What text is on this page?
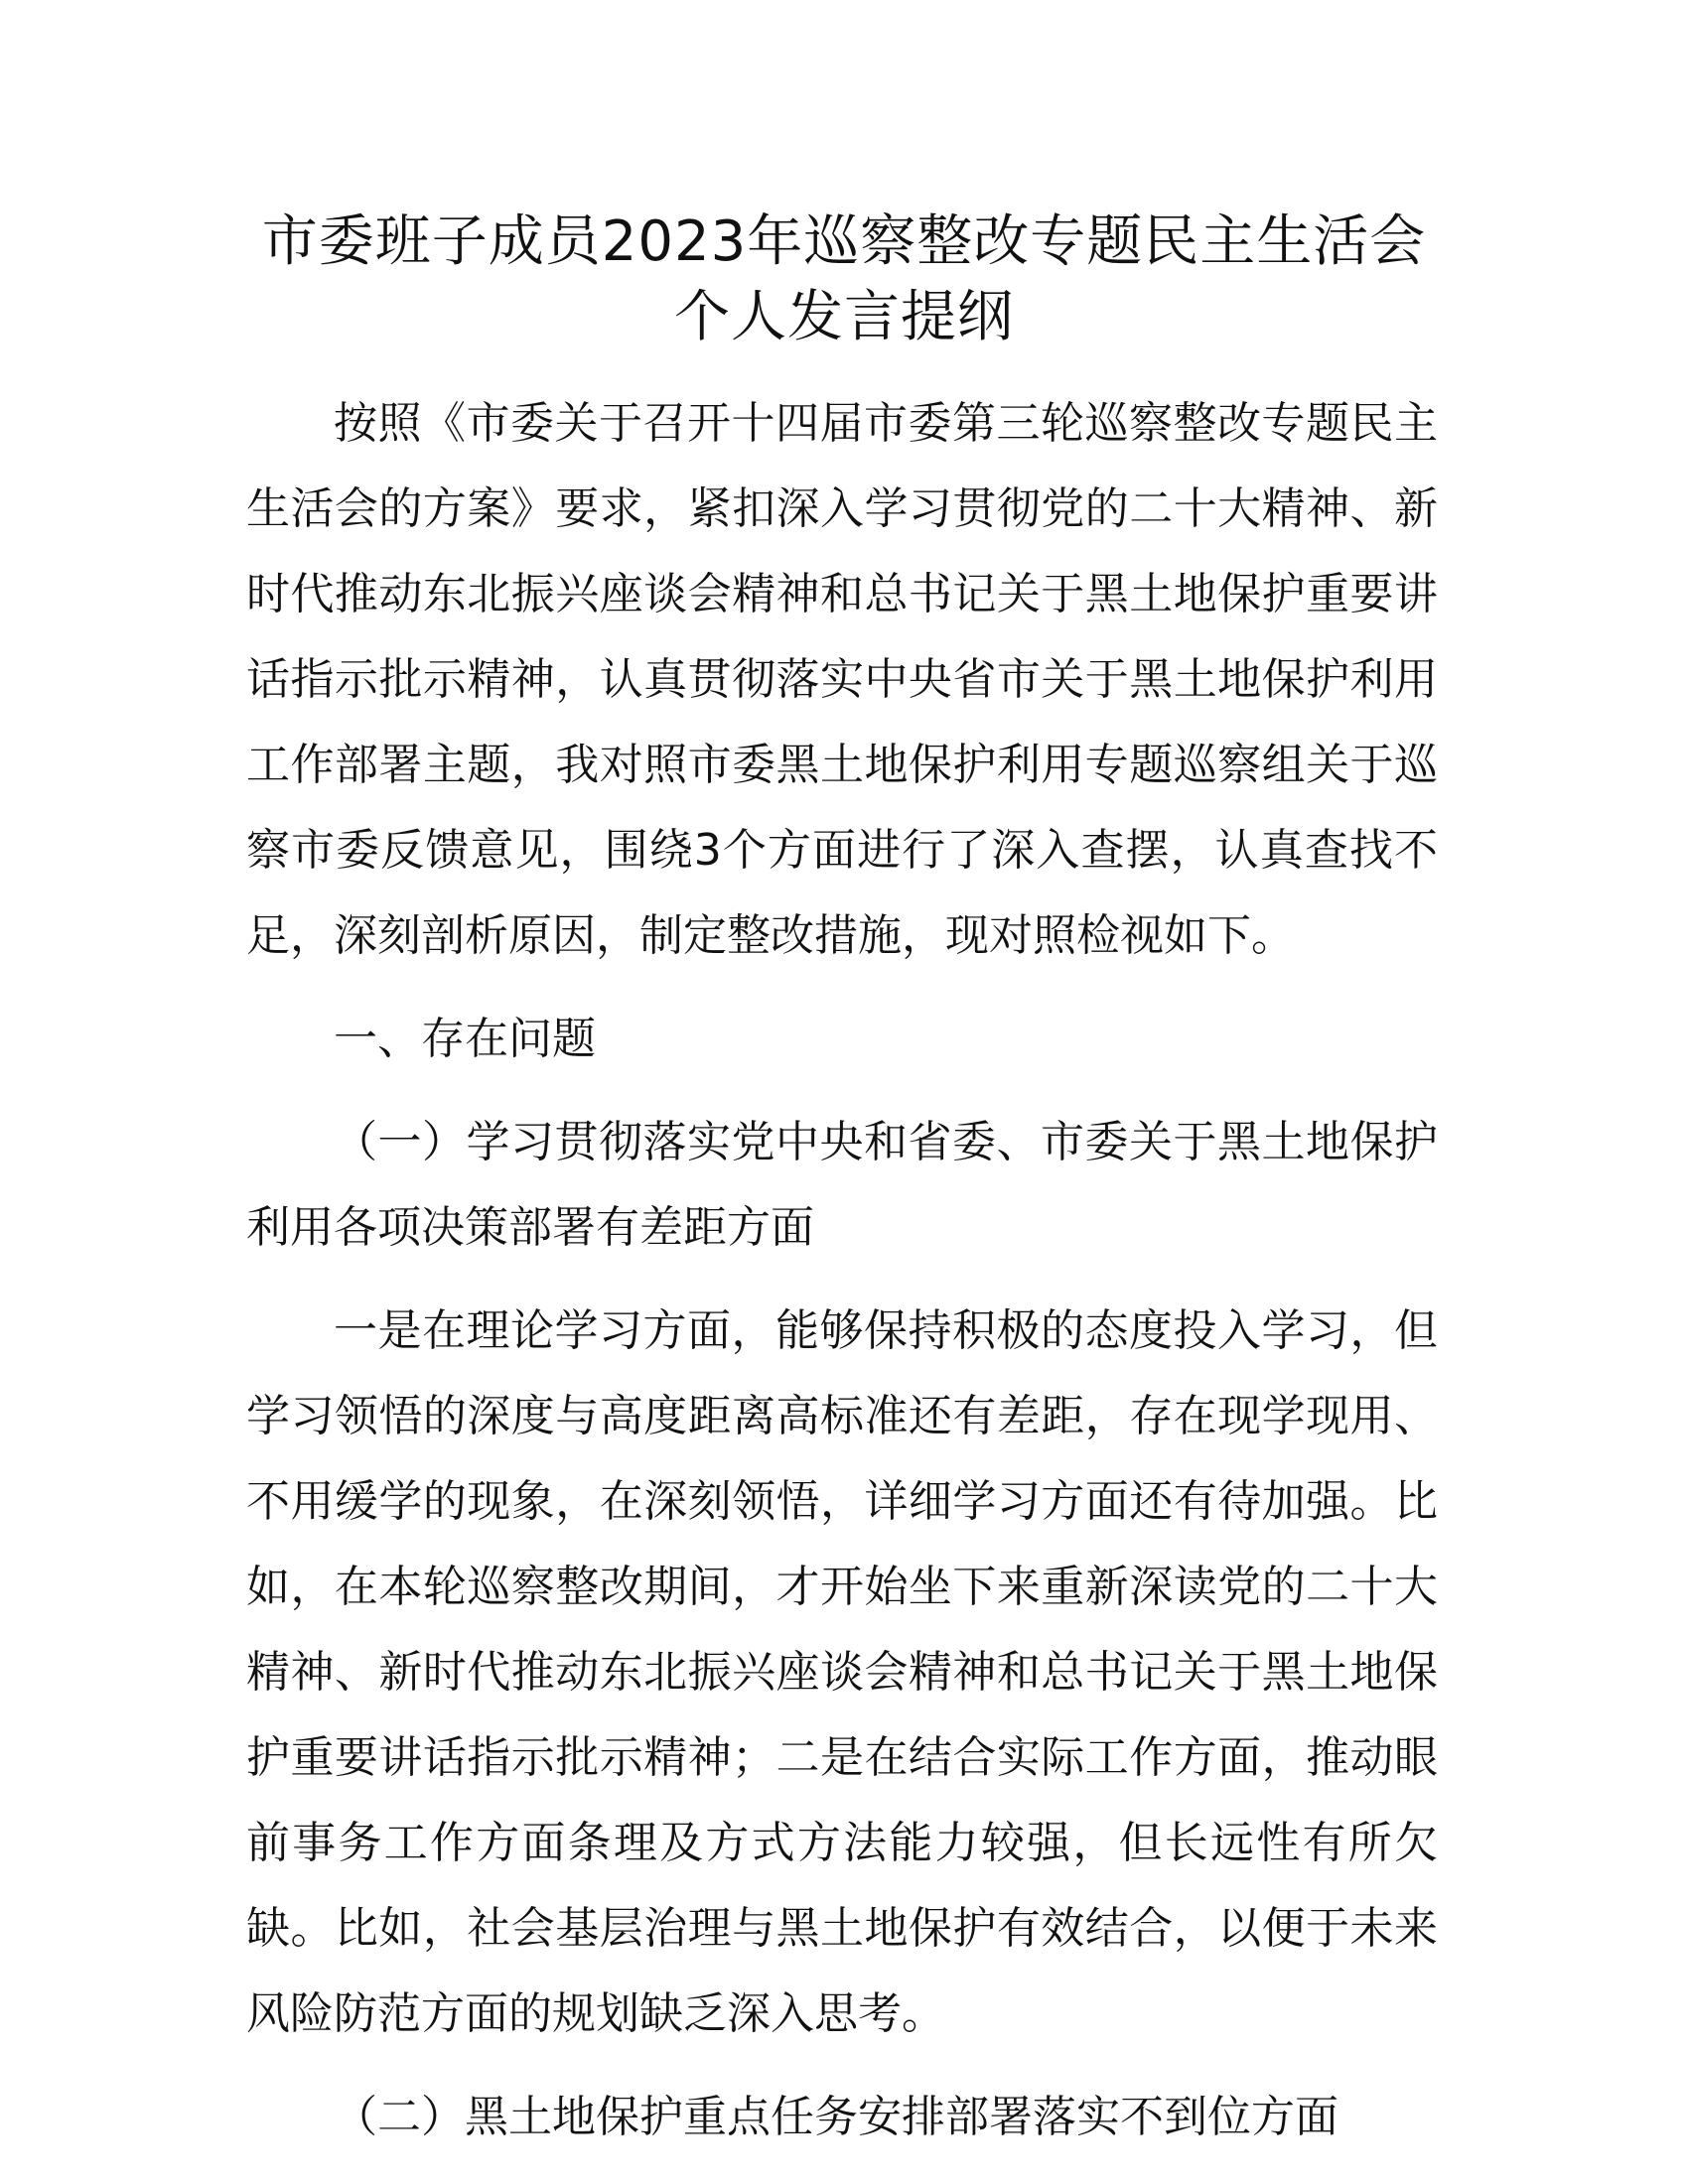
市委班子成员2023年巡察整改专题民主生活会
个人发言提纲

按照《市委关于召开十四届市委第三轮巡察整改专题民主生活会的方案》要求，紧扣深入学习贯彻党的二十大精神、新时代推动东北振兴座谈会精神和总书记关于黑土地保护重要讲话指示批示精神，认真贯彻落实中央省市关于黑土地保护利用工作部署主题，我对照市委黑土地保护利用专题巡察组关于巡察市委反馈意见，围绕3个方面进行了深入查摆，认真查找不足，深刻剖析原因，制定整改措施，现对照检视如下。

一、存在问题

（一）学习贯彻落实党中央和省委、市委关于黑土地保护利用各项决策部署有差距方面

一是在理论学习方面，能够保持积极的态度投入学习，但学习领悟的深度与高度距离高标准还有差距，存在现学现用、不用缓学的现象，在深刻领悟，详细学习方面还有待加强。比如，在本轮巡察整改期间，才开始坐下来重新深读党的二十大精神、新时代推动东北振兴座谈会精神和总书记关于黑土地保护重要讲话指示批示精神；二是在结合实际工作方面，推动眼前事务工作方面条理及方式方法能力较强，但长远性有所欠缺。比如，社会基层治理与黑土地保护有效结合，以便于未来风险防范方面的规划缺乏深入思考。

（二）黑土地保护重点任务安排部署落实不到位方面
